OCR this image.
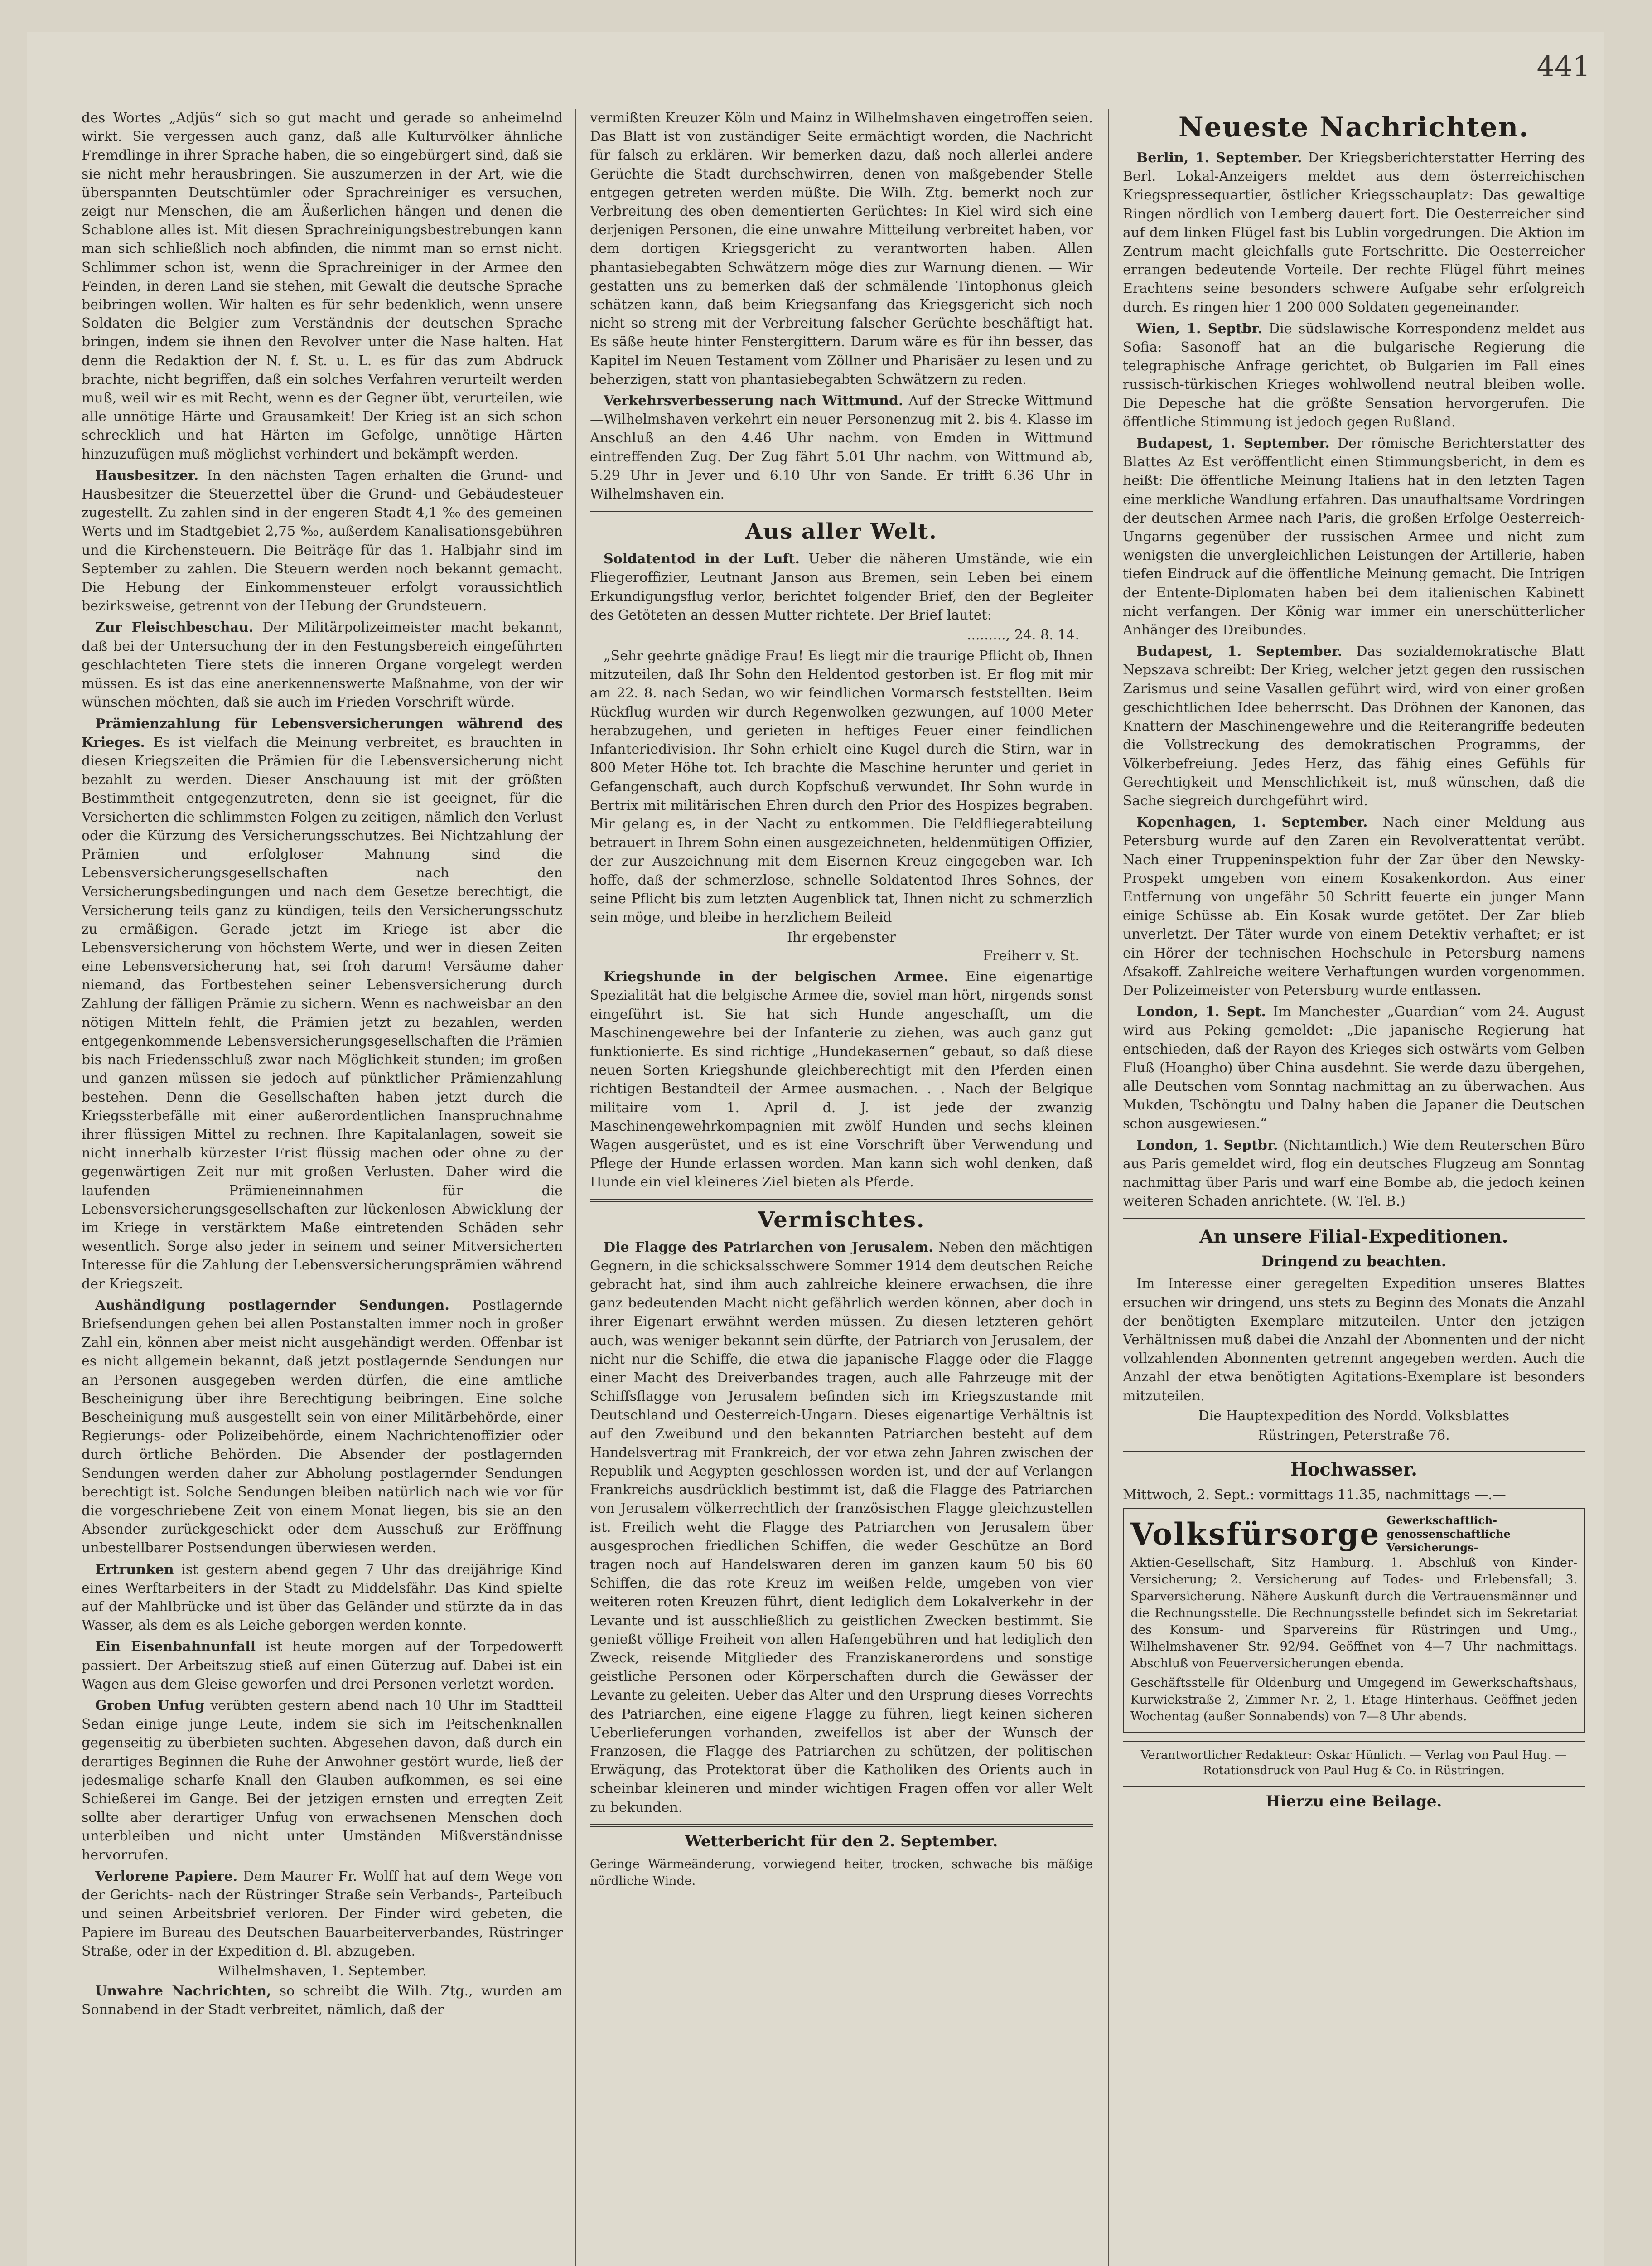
441

des Wortes „Adjüs“ sich so gut macht und gerade so anheimelnd wirkt. Sie vergessen auch ganz, daß alle Kulturvölker ähnliche Fremdlinge in ihrer Sprache haben, die so eingebürgert sind, daß sie sie nicht mehr herausbringen. Sie auszumerzen in der Art, wie die überspannten Deutschtümler oder Sprachreiniger es versuchen, zeigt nur Menschen, die am Äußerlichen hängen und denen die Schablone alles ist. Mit diesen Sprachreinigungsbestrebungen kann man sich schließlich noch abfinden, die nimmt man so ernst nicht. Schlimmer schon ist, wenn die Sprachreiniger in der Armee den Feinden, in deren Land sie stehen, mit Gewalt die deutsche Sprache beibringen wollen. Wir halten es für sehr bedenklich, wenn unsere Soldaten die Belgier zum Verständnis der deutschen Sprache bringen, indem sie ihnen den Revolver unter die Nase halten. Hat denn die Redaktion der N. f. St. u. L. es für das zum Abdruck brachte, nicht begriffen, daß ein solches Verfahren verurteilt werden muß, weil wir es mit Recht, wenn es der Gegner übt, verurteilen, wie alle unnötige Härte und Grausamkeit! Der Krieg ist an sich schon schrecklich und hat Härten im Gefolge, unnötige Härten hinzuzufügen muß möglichst verhindert und bekämpft werden.

Hausbesitzer. In den nächsten Tagen erhalten die Grund- und Hausbesitzer die Steuerzettel über die Grund- und Gebäudesteuer zugestellt. Zu zahlen sind in der engeren Stadt 4,1 ‰ des gemeinen Werts und im Stadtgebiet 2,75 ‰, außerdem Kanalisationsgebühren und die Kirchensteuern. Die Beiträge für das 1. Halbjahr sind im September zu zahlen. Die Steuern werden noch bekannt gemacht. Die Hebung der Einkommensteuer erfolgt voraussichtlich bezirksweise, getrennt von der Hebung der Grundsteuern.

Zur Fleischbeschau. Der Militärpolizeimeister macht bekannt, daß bei der Untersuchung der in den Festungsbereich eingeführten geschlachteten Tiere stets die inneren Organe vorgelegt werden müssen. Es ist das eine anerkennenswerte Maßnahme, von der wir wünschen möchten, daß sie auch im Frieden Vorschrift würde.

Prämienzahlung für Lebensversicherungen während des Krieges. Es ist vielfach die Meinung verbreitet, es brauchten in diesen Kriegszeiten die Prämien für die Lebensversicherung nicht bezahlt zu werden. Dieser Anschauung ist mit der größten Bestimmtheit entgegenzutreten, denn sie ist geeignet, für die Versicherten die schlimmsten Folgen zu zeitigen, nämlich den Verlust oder die Kürzung des Versicherungsschutzes. Bei Nichtzahlung der Prämien und erfolgloser Mahnung sind die Lebensversicherungsgesellschaften nach den Versicherungsbedingungen und nach dem Gesetze berechtigt, die Versicherung teils ganz zu kündigen, teils den Versicherungsschutz zu ermäßigen. Gerade jetzt im Kriege ist aber die Lebensversicherung von höchstem Werte, und wer in diesen Zeiten eine Lebensversicherung hat, sei froh darum! Versäume daher niemand, das Fortbestehen seiner Lebensversicherung durch Zahlung der fälligen Prämie zu sichern. Wenn es nachweisbar an den nötigen Mitteln fehlt, die Prämien jetzt zu bezahlen, werden entgegenkommende Lebensversicherungsgesellschaften die Prämien bis nach Friedensschluß zwar nach Möglichkeit stunden; im großen und ganzen müssen sie jedoch auf pünktlicher Prämienzahlung bestehen. Denn die Gesellschaften haben jetzt durch die Kriegssterbefälle mit einer außerordentlichen Inanspruchnahme ihrer flüssigen Mittel zu rechnen. Ihre Kapitalanlagen, soweit sie nicht innerhalb kürzester Frist flüssig machen oder ohne zu der gegenwärtigen Zeit nur mit großen Verlusten. Daher wird die laufenden Prämieneinnahmen für die Lebensversicherungsgesellschaften zur lückenlosen Abwicklung der im Kriege in verstärktem Maße eintretenden Schäden sehr wesentlich. Sorge also jeder in seinem und seiner Mitversicherten Interesse für die Zahlung der Lebensversicherungsprämien während der Kriegszeit.

Aushändigung postlagernder Sendungen. Postlagernde Briefsendungen gehen bei allen Postanstalten immer noch in großer Zahl ein, können aber meist nicht ausgehändigt werden. Offenbar ist es nicht allgemein bekannt, daß jetzt postlagernde Sendungen nur an Personen ausgegeben werden dürfen, die eine amtliche Bescheinigung über ihre Berechtigung beibringen. Eine solche Bescheinigung muß ausgestellt sein von einer Militärbehörde, einer Regierungs- oder Polizeibehörde, einem Nachrichtenoffizier oder durch örtliche Behörden. Die Absender der postlagernden Sendungen werden daher zur Abholung postlagernder Sendungen berechtigt ist. Solche Sendungen bleiben natürlich nach wie vor für die vorgeschriebene Zeit von einem Monat liegen, bis sie an den Absender zurückgeschickt oder dem Ausschuß zur Eröffnung unbestellbarer Postsendungen überwiesen werden.

Ertrunken ist gestern abend gegen 7 Uhr das dreijährige Kind eines Werftarbeiters in der Stadt zu Middelsfähr. Das Kind spielte auf der Mahlbrücke und ist über das Geländer und stürzte da in das Wasser, als dem es als Leiche geborgen werden konnte.

Ein Eisenbahnunfall ist heute morgen auf der Torpedowerft passiert. Der Arbeitszug stieß auf einen Güterzug auf. Dabei ist ein Wagen aus dem Gleise geworfen und drei Personen verletzt worden.

Groben Unfug verübten gestern abend nach 10 Uhr im Stadtteil Sedan einige junge Leute, indem sie sich im Peitschenknallen gegenseitig zu überbieten suchten. Abgesehen davon, daß durch ein derartiges Beginnen die Ruhe der Anwohner gestört wurde, ließ der jedesmalige scharfe Knall den Glauben aufkommen, es sei eine Schießerei im Gange. Bei der jetzigen ernsten und erregten Zeit sollte aber derartiger Unfug von erwachsenen Menschen doch unterbleiben und nicht unter Umständen Mißverständnisse hervorrufen.

Verlorene Papiere. Dem Maurer Fr. Wolff hat auf dem Wege von der Gerichts- nach der Rüstringer Straße sein Verbands-, Parteibuch und seinen Arbeitsbrief verloren. Der Finder wird gebeten, die Papiere im Bureau des Deutschen Bauarbeiterverbandes, Rüstringer Straße, oder in der Expedition d. Bl. abzugeben.

Wilhelmshaven, 1. September.

Unwahre Nachrichten, so schreibt die Wilh. Ztg., wurden am Sonnabend in der Stadt verbreitet, nämlich, daß der

vermißten Kreuzer Köln und Mainz in Wilhelmshaven eingetroffen seien. Das Blatt ist von zuständiger Seite ermächtigt worden, die Nachricht für falsch zu erklären. Wir bemerken dazu, daß noch allerlei andere Gerüchte die Stadt durchschwirren, denen von maßgebender Stelle entgegen getreten werden müßte. Die Wilh. Ztg. bemerkt noch zur Verbreitung des oben dementierten Gerüchtes: In Kiel wird sich eine derjenigen Personen, die eine unwahre Mitteilung verbreitet haben, vor dem dortigen Kriegsgericht zu verantworten haben. Allen phantasiebegabten Schwätzern möge dies zur Warnung dienen. — Wir gestatten uns zu bemerken daß der schmälende Tintophonus gleich schätzen kann, daß beim Kriegsanfang das Kriegsgericht sich noch nicht so streng mit der Verbreitung falscher Gerüchte beschäftigt hat. Es säße heute hinter Fenstergittern. Darum wäre es für ihn besser, das Kapitel im Neuen Testament vom Zöllner und Pharisäer zu lesen und zu beherzigen, statt von phantasiebegabten Schwätzern zu reden.

Verkehrsverbesserung nach Wittmund. Auf der Strecke Wittmund—Wilhelmshaven verkehrt ein neuer Personenzug mit 2. bis 4. Klasse im Anschluß an den 4.46 Uhr nachm. von Emden in Wittmund eintreffenden Zug. Der Zug fährt 5.01 Uhr nachm. von Wittmund ab, 5.29 Uhr in Jever und 6.10 Uhr von Sande. Er trifft 6.36 Uhr in Wilhelmshaven ein.

Aus aller Welt.

Soldatentod in der Luft. Ueber die näheren Umstände, wie ein Fliegeroffizier, Leutnant Janson aus Bremen, sein Leben bei einem Erkundigungsflug verlor, berichtet folgender Brief, den der Begleiter des Getöteten an dessen Mutter richtete. Der Brief lautet:

........., 24. 8. 14.

„Sehr geehrte gnädige Frau! Es liegt mir die traurige Pflicht ob, Ihnen mitzuteilen, daß Ihr Sohn den Heldentod gestorben ist. Er flog mit mir am 22. 8. nach Sedan, wo wir feindlichen Vormarsch feststellten. Beim Rückflug wurden wir durch Regenwolken gezwungen, auf 1000 Meter herabzugehen, und gerieten in heftiges Feuer einer feindlichen Infanteriedivision. Ihr Sohn erhielt eine Kugel durch die Stirn, war in 800 Meter Höhe tot. Ich brachte die Maschine herunter und geriet in Gefangenschaft, auch durch Kopfschuß verwundet. Ihr Sohn wurde in Bertrix mit militärischen Ehren durch den Prior des Hospizes begraben. Mir gelang es, in der Nacht zu entkommen. Die Feldfliegerabteilung betrauert in Ihrem Sohn einen ausgezeichneten, heldenmütigen Offizier, der zur Auszeichnung mit dem Eisernen Kreuz eingegeben war. Ich hoffe, daß der schmerzlose, schnelle Soldatentod Ihres Sohnes, der seine Pflicht bis zum letzten Augenblick tat, Ihnen nicht zu schmerzlich sein möge, und bleibe in herzlichem Beileid

Ihr ergebenster
Freiherr v. St.

Kriegshunde in der belgischen Armee. Eine eigenartige Spezialität hat die belgische Armee die, soviel man hört, nirgends sonst eingeführt ist. Sie hat sich Hunde angeschafft, um die Maschinengewehre bei der Infanterie zu ziehen, was auch ganz gut funktionierte. Es sind richtige „Hundekasernen“ gebaut, so daß diese neuen Sorten Kriegshunde gleichberechtigt mit den Pferden einen richtigen Bestandteil der Armee ausmachen. . . Nach der Belgique militaire vom 1. April d. J. ist jede der zwanzig Maschinengewehrkompagnien mit zwölf Hunden und sechs kleinen Wagen ausgerüstet, und es ist eine Vorschrift über Verwendung und Pflege der Hunde erlassen worden. Man kann sich wohl denken, daß Hunde ein viel kleineres Ziel bieten als Pferde.

Vermischtes.

Die Flagge des Patriarchen von Jerusalem. Neben den mächtigen Gegnern, in die schicksalsschwere Sommer 1914 dem deutschen Reiche gebracht hat, sind ihm auch zahlreiche kleinere erwachsen, die ihre ganz bedeutenden Macht nicht gefährlich werden können, aber doch in ihrer Eigenart erwähnt werden müssen. Zu diesen letzteren gehört auch, was weniger bekannt sein dürfte, der Patriarch von Jerusalem, der nicht nur die Schiffe, die etwa die japanische Flagge oder die Flagge einer Macht des Dreiverbandes tragen, auch alle Fahrzeuge mit der Schiffsflagge von Jerusalem befinden sich im Kriegszustande mit Deutschland und Oesterreich-Ungarn. Dieses eigenartige Verhältnis ist auf den Zweibund und den bekannten Patriarchen besteht auf dem Handelsvertrag mit Frankreich, der vor etwa zehn Jahren zwischen der Republik und Aegypten geschlossen worden ist, und der auf Verlangen Frankreichs ausdrücklich bestimmt ist, daß die Flagge des Patriarchen von Jerusalem völkerrechtlich der französischen Flagge gleichzustellen ist. Freilich weht die Flagge des Patriarchen von Jerusalem über ausgesprochen friedlichen Schiffen, die weder Geschütze an Bord tragen noch auf Handelswaren deren im ganzen kaum 50 bis 60 Schiffen, die das rote Kreuz im weißen Felde, umgeben von vier weiteren roten Kreuzen führt, dient lediglich dem Lokalverkehr in der Levante und ist ausschließlich zu geistlichen Zwecken bestimmt. Sie genießt völlige Freiheit von allen Hafengebühren und hat lediglich den Zweck, reisende Mitglieder des Franziskanerordens und sonstige geistliche Personen oder Körperschaften durch die Gewässer der Levante zu geleiten. Ueber das Alter und den Ursprung dieses Vorrechts des Patriarchen, eine eigene Flagge zu führen, liegt keinen sicheren Ueberlieferungen vorhanden, zweifellos ist aber der Wunsch der Franzosen, die Flagge des Patriarchen zu schützen, der politischen Erwägung, das Protektorat über die Katholiken des Orients auch in scheinbar kleineren und minder wichtigen Fragen offen vor aller Welt zu bekunden.

Wetterbericht für den 2. September.

Geringe Wärmeänderung, vorwiegend heiter, trocken, schwache bis mäßige nördliche Winde.

Neueste Nachrichten.

Berlin, 1. September. Der Kriegsberichterstatter Herring des Berl. Lokal-Anzeigers meldet aus dem österreichischen Kriegspressequartier, östlicher Kriegsschauplatz: Das gewaltige Ringen nördlich von Lemberg dauert fort. Die Oesterreicher sind auf dem linken Flügel fast bis Lublin vorgedrungen. Die Aktion im Zentrum macht gleichfalls gute Fortschritte. Die Oesterreicher errangen bedeutende Vorteile. Der rechte Flügel führt meines Erachtens seine besonders schwere Aufgabe sehr erfolgreich durch. Es ringen hier 1 200 000 Soldaten gegeneinander.

Wien, 1. Septbr. Die südslawische Korrespondenz meldet aus Sofia: Sasonoff hat an die bulgarische Regierung die telegraphische Anfrage gerichtet, ob Bulgarien im Fall eines russisch-türkischen Krieges wohlwollend neutral bleiben wolle. Die Depesche hat die größte Sensation hervorgerufen. Die öffentliche Stimmung ist jedoch gegen Rußland.

Budapest, 1. September. Der römische Berichterstatter des Blattes Az Est veröffentlicht einen Stimmungsbericht, in dem es heißt: Die öffentliche Meinung Italiens hat in den letzten Tagen eine merkliche Wandlung erfahren. Das unaufhaltsame Vordringen der deutschen Armee nach Paris, die großen Erfolge Oesterreich-Ungarns gegenüber der russischen Armee und nicht zum wenigsten die unvergleichlichen Leistungen der Artillerie, haben tiefen Eindruck auf die öffentliche Meinung gemacht. Die Intrigen der Entente-Diplomaten haben bei dem italienischen Kabinett nicht verfangen. Der König war immer ein unerschütterlicher Anhänger des Dreibundes.

Budapest, 1. September. Das sozialdemokratische Blatt Nepszava schreibt: Der Krieg, welcher jetzt gegen den russischen Zarismus und seine Vasallen geführt wird, wird von einer großen geschichtlichen Idee beherrscht. Das Dröhnen der Kanonen, das Knattern der Maschinengewehre und die Reiterangriffe bedeuten die Vollstreckung des demokratischen Programms, der Völkerbefreiung. Jedes Herz, das fähig eines Gefühls für Gerechtigkeit und Menschlichkeit ist, muß wünschen, daß die Sache siegreich durchgeführt wird.

Kopenhagen, 1. September. Nach einer Meldung aus Petersburg wurde auf den Zaren ein Revolverattentat verübt. Nach einer Truppeninspektion fuhr der Zar über den Newsky-Prospekt umgeben von einem Kosakenkordon. Aus einer Entfernung von ungefähr 50 Schritt feuerte ein junger Mann einige Schüsse ab. Ein Kosak wurde getötet. Der Zar blieb unverletzt. Der Täter wurde von einem Detektiv verhaftet; er ist ein Hörer der technischen Hochschule in Petersburg namens Afsakoff. Zahlreiche weitere Verhaftungen wurden vorgenommen. Der Polizeimeister von Petersburg wurde entlassen.

London, 1. Sept. Im Manchester „Guardian“ vom 24. August wird aus Peking gemeldet: „Die japanische Regierung hat entschieden, daß der Rayon des Krieges sich ostwärts vom Gelben Fluß (Hoangho) über China ausdehnt. Sie werde dazu übergehen, alle Deutschen vom Sonntag nachmittag an zu überwachen. Aus Mukden, Tschöngtu und Dalny haben die Japaner die Deutschen schon ausgewiesen.“

London, 1. Septbr. (Nichtamtlich.) Wie dem Reuterschen Büro aus Paris gemeldet wird, flog ein deutsches Flugzeug am Sonntag nachmittag über Paris und warf eine Bombe ab, die jedoch keinen weiteren Schaden anrichtete. (W. Tel. B.)

An unsere Filial-Expeditionen.
Dringend zu beachten.

Im Interesse einer geregelten Expedition unseres Blattes ersuchen wir dringend, uns stets zu Beginn des Monats die Anzahl der benötigten Exemplare mitzuteilen. Unter den jetzigen Verhältnissen muß dabei die Anzahl der Abonnenten und der nicht vollzahlenden Abonnenten getrennt angegeben werden. Auch die Anzahl der etwa benötigten Agitations-Exemplare ist besonders mitzuteilen.

Die Hauptexpedition des Nordd. Volksblattes
Rüstringen, Peterstraße 76.
Hochwasser.

Mittwoch, 2. Sept.: vormittags 11.35, nachmittags —.—

Volksfürsorge Gewerkschaftlich-genossenschaftliche Versicherungs-

Aktien-Gesellschaft, Sitz Hamburg. 1. Abschluß von Kinder-Versicherung; 2. Versicherung auf Todes- und Erlebensfall; 3. Sparversicherung. Nähere Auskunft durch die Vertrauensmänner und die Rechnungsstelle. Die Rechnungsstelle befindet sich im Sekretariat des Konsum- und Sparvereins für Rüstringen und Umg., Wilhelmshavener Str. 92/94. Geöffnet von 4—7 Uhr nachmittags. Abschluß von Feuerversicherungen ebenda.

Geschäftsstelle für Oldenburg und Umgegend im Gewerkschaftshaus, Kurwickstraße 2, Zimmer Nr. 2, 1. Etage Hinterhaus. Geöffnet jeden Wochentag (außer Sonnabends) von 7—8 Uhr abends.

Verantwortlicher Redakteur: Oskar Hünlich. — Verlag von Paul Hug. — Rotationsdruck von Paul Hug & Co. in Rüstringen.
Hierzu eine Beilage.
